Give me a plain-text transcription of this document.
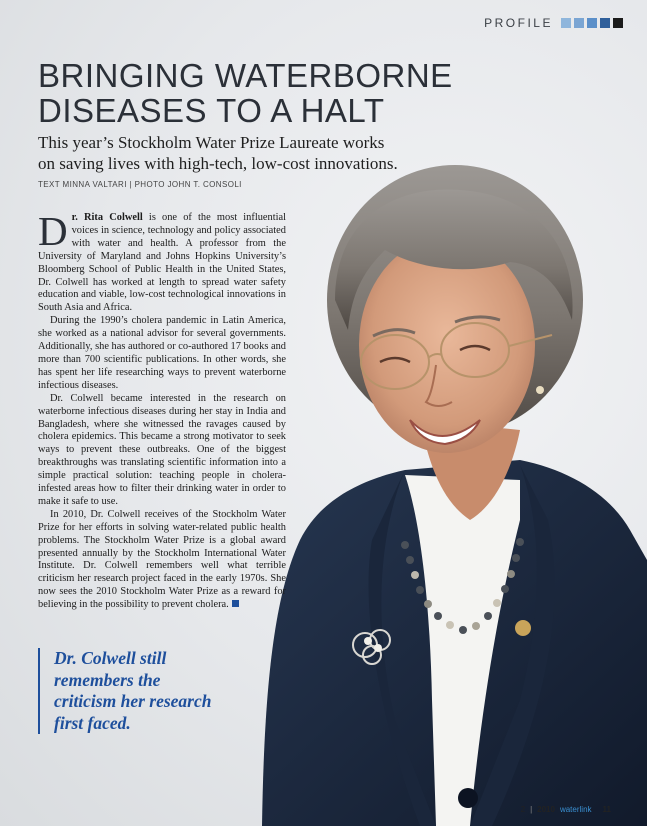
PROFILE
BRINGING WATERBORNE
DISEASES TO A HALT

This year’s Stockholm Water Prize Laureate works
on saving lives with high-tech, low-cost innovations.

TEXT MINNA VALTARI | PHOTO JOHN T. CONSOLI

Dr. Rita Colwell is one of the most influential voices in science, technology and policy associated with water and health. A professor from the University of Maryland and Johns Hopkins University’s Bloomberg School of Public Health in the United States, Dr. Colwell has worked at length to spread water safety education and viable, low-cost technological innovations in South Asia and Africa.

During the 1990’s cholera pandemic in Latin America, she worked as a national advisor for several governments. Additionally, she has authored or co-authored 17 books and more than 700 scientific publications. In other words, she has spent her life researching ways to prevent waterborne infectious diseases.

Dr. Colwell became interested in the research on waterborne infectious diseases during her stay in India and Bangladesh, where she witnessed the ravages caused by cholera epidemics. This became a strong motivator to seek ways to prevent these outbreaks. One of the biggest breakthroughs was translating scientific information into a simple practical solution: teaching people in cholera-infested areas how to filter their drinking water in order to make it safe to use.

In 2010, Dr. Colwell receives of the Stockholm Water Prize for her efforts in solving water-related public health problems. The Stockholm Water Prize is a global award presented annually by the Stockholm International Water Institute. Dr. Colwell remembers well what terrible criticism her research project faced in the early 1970s. She now sees the 2010 Stockholm Water Prize as a reward for believing in the possibility to prevent cholera.

Dr. Colwell still remembers the criticism her research first faced.
2 | 2010 waterlink 11
